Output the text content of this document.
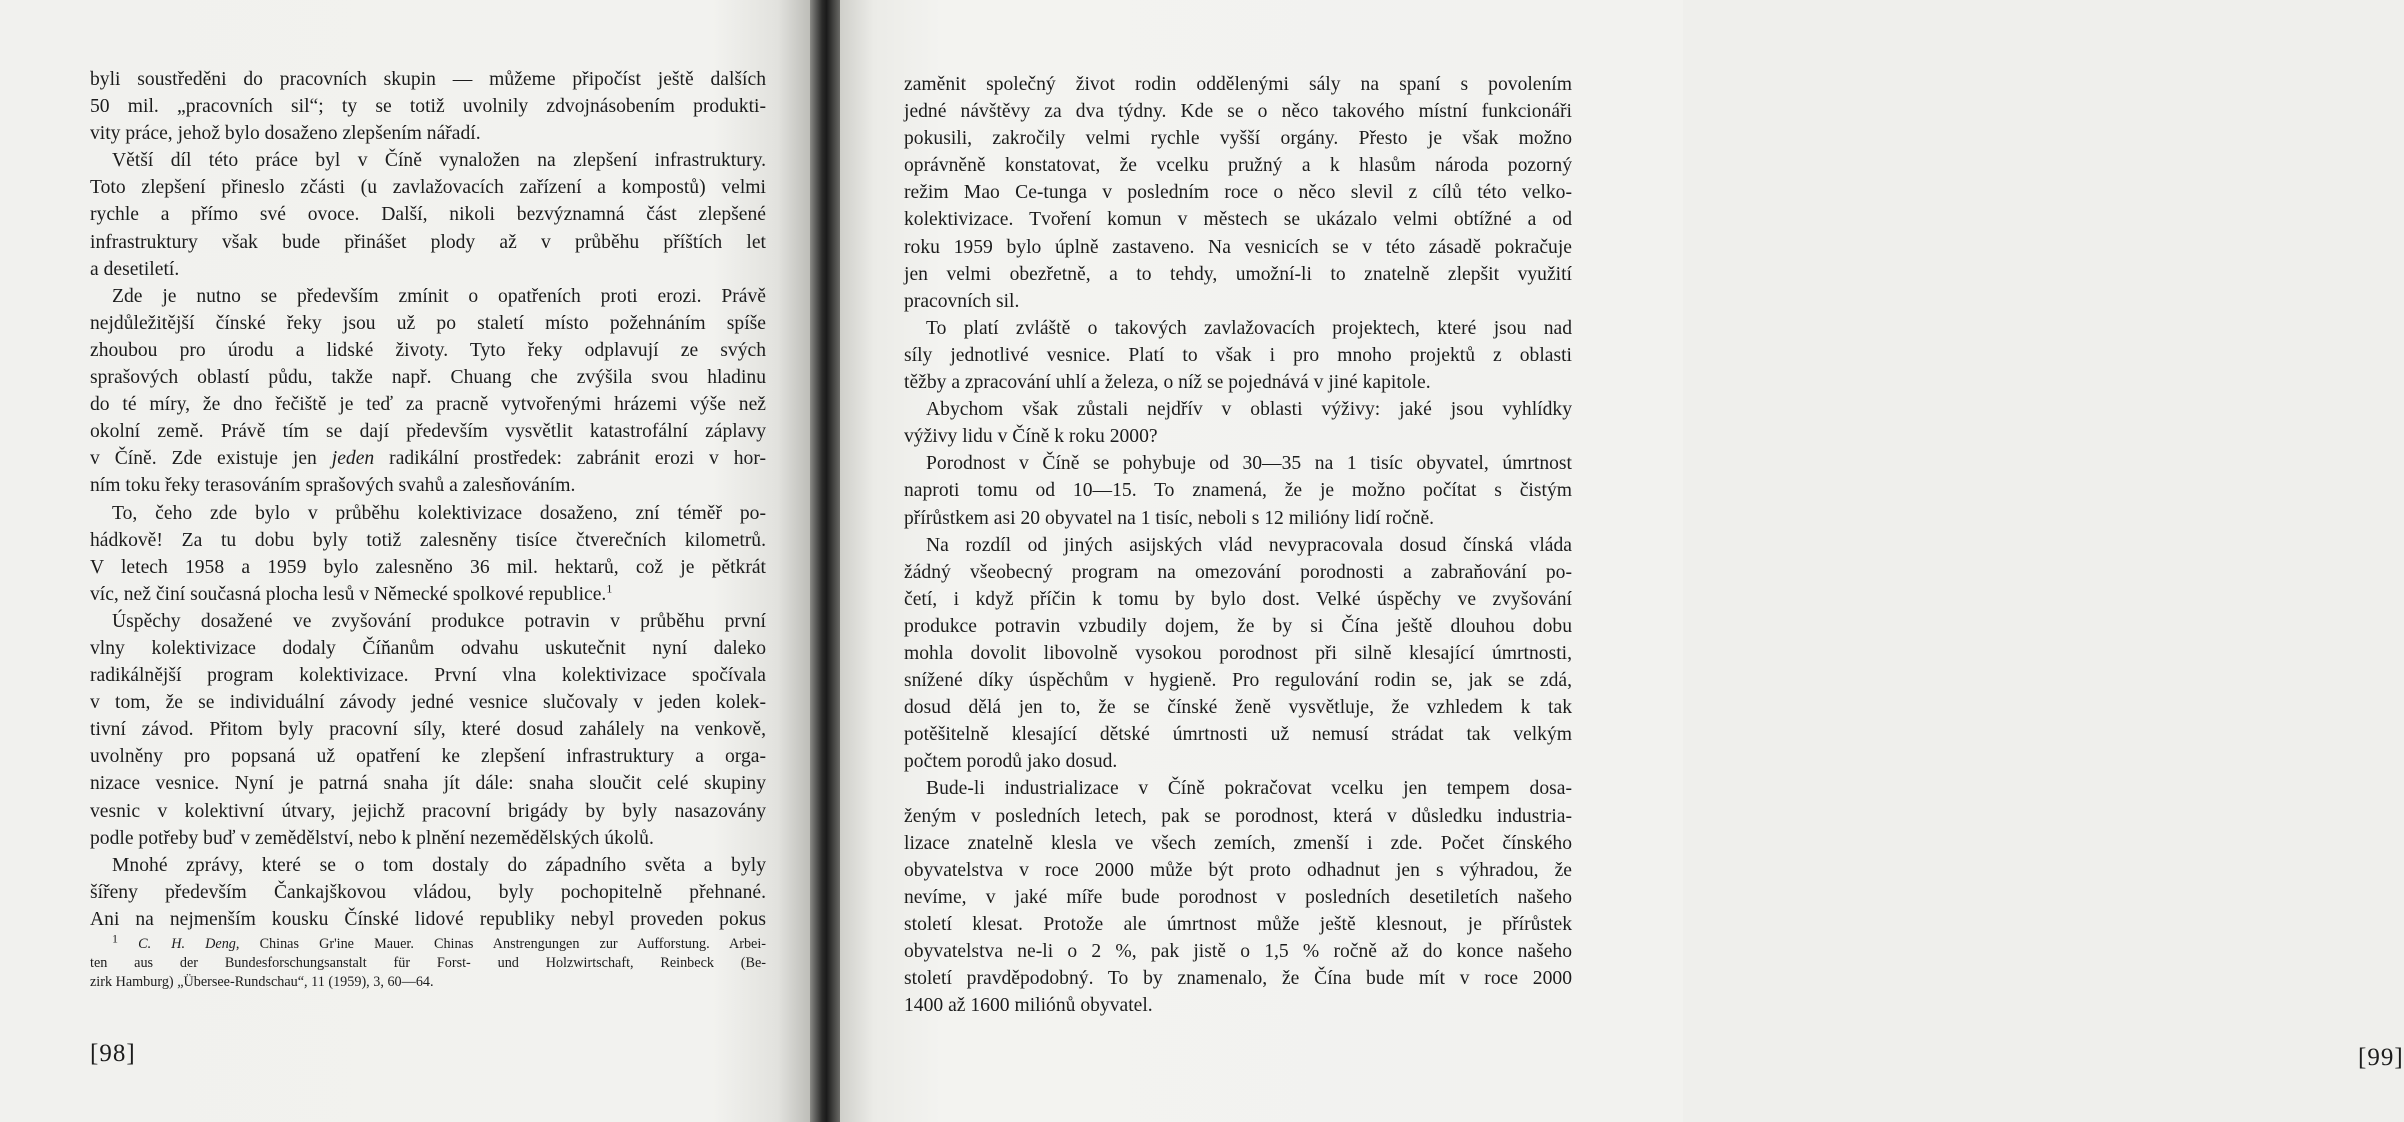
byli soustředěni do pracovních skupin — můžeme připočíst ještě dalších

50 mil. „pracovních sil“; ty se totiž uvolnily zdvojnásobením produkti-

vity práce, jehož bylo dosaženo zlepšením nářadí.

Větší díl této práce byl v Číně vynaložen na zlepšení infrastruktury.

Toto zlepšení přineslo zčásti (u zavlažovacích zařízení a kompostů) velmi

rychle a přímo své ovoce. Další, nikoli bezvýznamná část zlepšené

infrastruktury však bude přinášet plody až v průběhu příštích let

a desetiletí.

Zde je nutno se především zmínit o opatřeních proti erozi. Právě

nejdůležitější čínské řeky jsou už po staletí místo požehnáním spíše

zhoubou pro úrodu a lidské životy. Tyto řeky odplavují ze svých

sprašových oblastí půdu, takže např. Chuang che zvýšila svou hladinu

do té míry, že dno řečiště je teď za pracně vytvořenými hrázemi výše než

okolní země. Právě tím se dají především vysvětlit katastrofální záplavy

v Číně. Zde existuje jen jeden radikální prostředek: zabránit erozi v hor-

ním toku řeky terasováním sprašových svahů a zalesňováním.

To, čeho zde bylo v průběhu kolektivizace dosaženo, zní téměř po-

hádkově! Za tu dobu byly totiž zalesněny tisíce čtverečních kilometrů.

V letech 1958 a 1959 bylo zalesněno 36 mil. hektarů, což je pětkrát

víc, než činí současná plocha lesů v Německé spolkové republice.$^1$

Úspěchy dosažené ve zvyšování produkce potravin v průběhu první

vlny kolektivizace dodaly Číňanům odvahu uskutečnit nyní daleko

radikálnější program kolektivizace. První vlna kolektivizace spočívala

v tom, že se individuální závody jedné vesnice slučovaly v jeden kolek-

tivní závod. Přitom byly pracovní síly, které dosud zahálely na venkově,

uvolněny pro popsaná už opatření ke zlepšení infrastruktury a orga-

nizace vesnice. Nyní je patrná snaha jít dále: snaha sloučit celé skupiny

vesnic v kolektivní útvary, jejichž pracovní brigády by byly nasazovány

podle potřeby buď v zemědělství, nebo k plnění nezemědělských úkolů.

Mnohé zprávy, které se o tom dostaly do západního světa a byly

šířeny především Čankajškovou vládou, byly pochopitelně přehnané.

Ani na nejmenším kousku Čínské lidové republiky nebyl proveden pokus

$^1$ C. H. Deng, Chinas Gr'ine Mauer. Chinas Anstrengungen zur Aufforstung. Arbei-

ten aus der Bundesforschungsanstalt für Forst- und Holzwirtschaft, Reinbeck (Be-

zirk Hamburg) „Übersee-Rundschau“, 11 (1959), 3, 60—64.

[98]	[99]

zaměnit společný život rodin oddělenými sály na spaní s povolením

jedné návštěvy za dva týdny. Kde se o něco takového místní funkcionáři

pokusili, zakročily velmi rychle vyšší orgány. Přesto je však možno

oprávněně konstatovat, že vcelku pružný a k hlasům národa pozorný

režim Mao Ce-tunga v posledním roce o něco slevil z cílů této velko-

kolektivizace. Tvoření komun v městech se ukázalo velmi obtížné a od

roku 1959 bylo úplně zastaveno. Na vesnicích se v této zásadě pokračuje

jen velmi obezřetně, a to tehdy, umožní-li to znatelně zlepšit využití

pracovních sil.

To platí zvláště o takových zavlažovacích projektech, které jsou nad

síly jednotlivé vesnice. Platí to však i pro mnoho projektů z oblasti

těžby a zpracování uhlí a železa, o níž se pojednává v jiné kapitole.

Abychom však zůstali nejdřív v oblasti výživy: jaké jsou vyhlídky

výživy lidu v Číně k roku 2000?

Porodnost v Číně se pohybuje od 30—35 na 1 tisíc obyvatel, úmrtnost

naproti tomu od 10—15. To znamená, že je možno počítat s čistým

přírůstkem asi 20 obyvatel na 1 tisíc, neboli s 12 milióny lidí ročně.

Na rozdíl od jiných asijských vlád nevypracovala dosud čínská vláda

žádný všeobecný program na omezování porodnosti a zabraňování po-

četí, i když příčin k tomu by bylo dost. Velké úspěchy ve zvyšování

produkce potravin vzbudily dojem, že by si Čína ještě dlouhou dobu

mohla dovolit libovolně vysokou porodnost při silně klesající úmrtnosti,

snížené díky úspěchům v hygieně. Pro regulování rodin se, jak se zdá,

dosud dělá jen to, že se čínské ženě vysvětluje, že vzhledem k tak

potěšitelně klesající dětské úmrtnosti už nemusí strádat tak velkým

počtem porodů jako dosud.

Bude-li industrializace v Číně pokračovat vcelku jen tempem dosa-

ženým v posledních letech, pak se porodnost, která v důsledku industria-

lizace znatelně klesla ve všech zemích, zmenší i zde. Počet čínského

obyvatelstva v roce 2000 může být proto odhadnut jen s výhradou, že

nevíme, v jaké míře bude porodnost v posledních desetiletích našeho

století klesat. Protože ale úmrtnost může ještě klesnout, je přírůstek

obyvatelstva ne-li o 2 %, pak jistě o 1,5 % ročně až do konce našeho

století pravděpodobný. To by znamenalo, že Čína bude mít v roce 2000

1400 až 1600 miliónů obyvatel.
